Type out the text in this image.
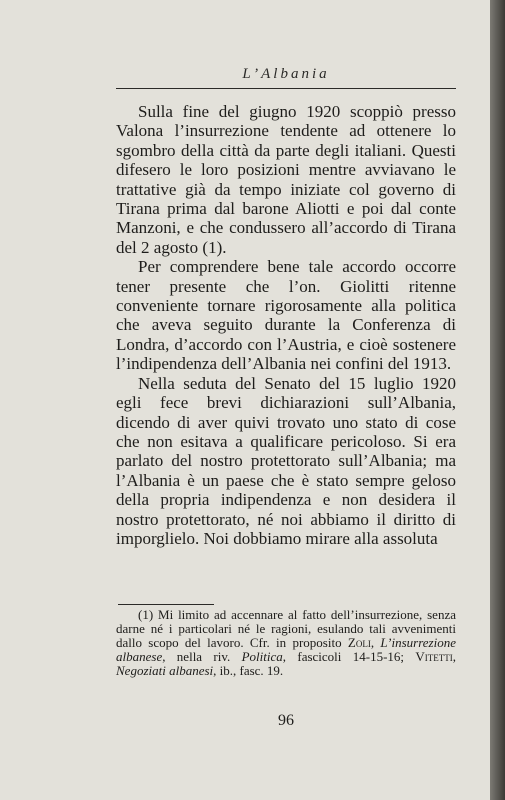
L’Albania

Sulla fine del giugno 1920 scoppiò presso Valona l’insurrezione tendente ad ottenere lo sgombro della città da parte degli italiani. Questi difesero le loro posizioni mentre avviavano le trattative già da tempo iniziate col governo di Tirana prima dal barone Aliotti e poi dal conte Manzoni, e che condussero all’accordo di Tirana del 2 agosto (1).

Per comprendere bene tale accordo occorre tener presente che l’on. Giolitti ritenne conveniente tornare rigorosamente alla politica che aveva seguito durante la Conferenza di Londra, d’accordo con l’Austria, e cioè sostenere l’indipendenza dell’Albania nei confini del 1913.

Nella seduta del Senato del 15 luglio 1920 egli fece brevi dichiarazioni sull’Albania, dicendo di aver quivi trovato uno stato di cose che non esitava a qualificare pericoloso. Si era parlato del nostro protettorato sull’Albania; ma l’Albania è un paese che è stato sempre geloso della propria indipendenza e non desidera il nostro protettorato, né noi abbiamo il diritto di imporglielo. Noi dobbiamo mirare alla assoluta

(1) Mi limito ad accennare al fatto dell’insurrezione, senza darne né i particolari né le ragioni, esulando tali avvenimenti dallo scopo del lavoro. Cfr. in proposito Zoli, L’insurrezione albanese, nella riv. Politica, fascicoli 14-15-16; Vitetti, Negoziati albanesi, ib., fasc. 19.

96
